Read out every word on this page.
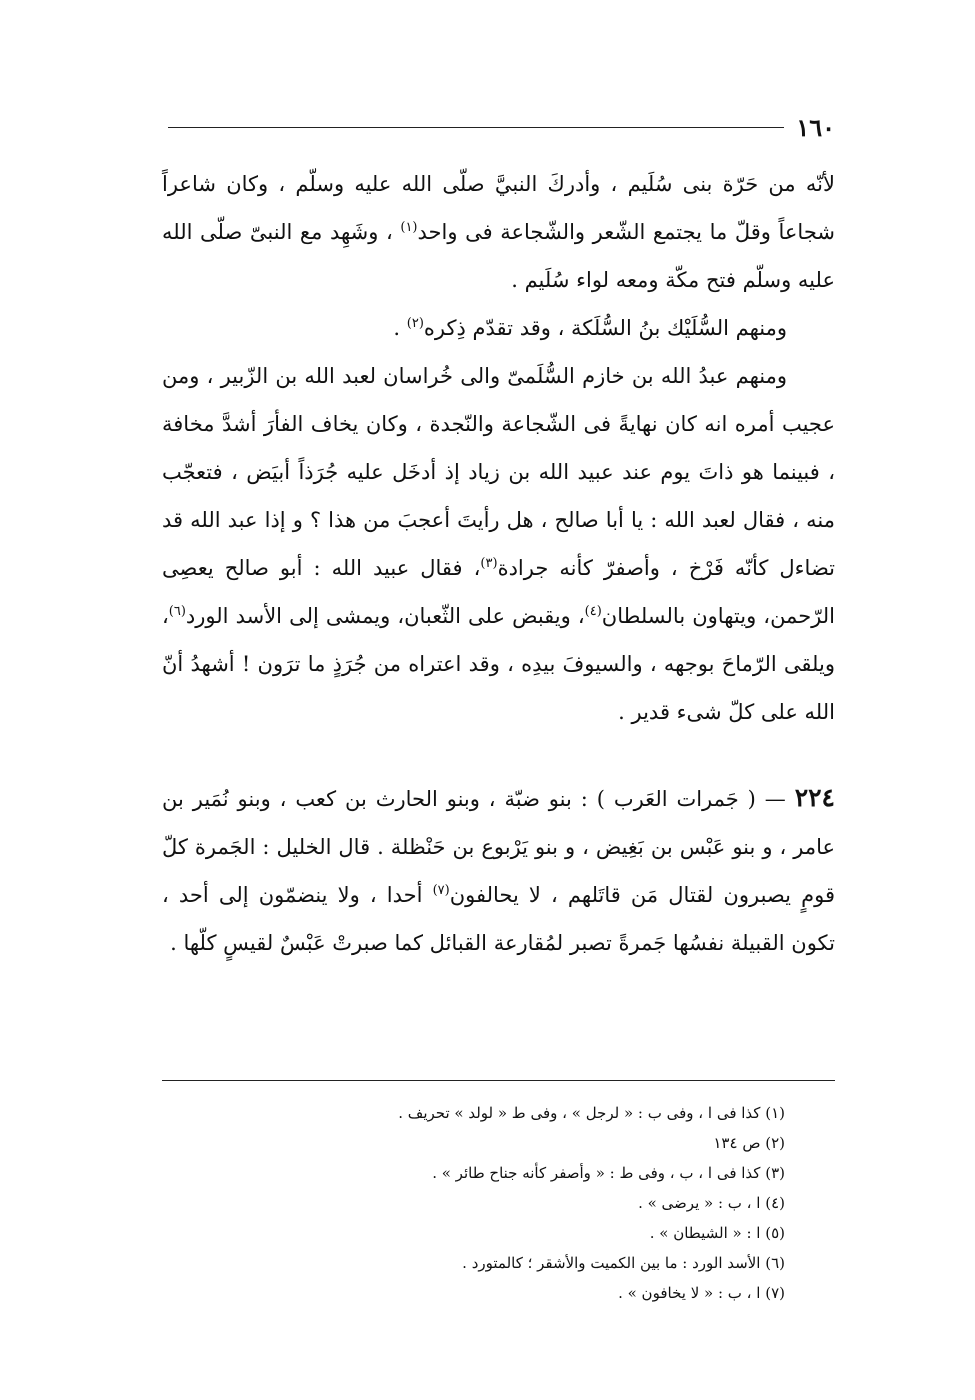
١٦٠

لأنّه من حَرّة بنى سُلَيم ، وأدركَ النبيَّ صلّى الله عليه وسلّم ، وكان شاعراً شجاعاً وقلّ ما يجتمع الشّعر والشّجاعة فى واحد$^{(١)}$ ، وشَهِد مع النبىّ صلّى الله عليه وسلّم فتح مكّة ومعه لواء سُلَيم .

ومنهم السُّلَيْك بنُ السُّلَكة ، وقد تقدّم ذِكره$^{(٢)}$ .

ومنهم عبدُ الله بن خازم السُّلَمىّ والى خُراسان لعبد الله بن الزّبير ، ومن عجيب أمره انه كان نهايةً فى الشّجاعة والنّجدة ، وكان يخاف الفأرَ أشدَّ مخافة ، فبينما هو ذاتَ يوم عند عبيد الله بن زياد إذ أدخَل عليه جُرَذاً أبيَض ، فتعجّب منه ، فقال لعبد الله : يا أبا صالح ، هل رأيتَ أعجبَ من هذا ؟ و إذا عبد الله قد تضاءل كأنّه فَرْخ ، وأصفرّ كأنه جرادة$^{(٣)}$، فقال عبيد الله : أبو صالح يعصِى الرّحمن، ويتهاون بالسلطان$^{(٤)}$، ويقبض على الثّعبان، ويمشى إلى الأسد الورد$^{(٦)}$، ويلقى الرّماحَ بوجهه ، والسيوفَ بيدِه ، وقد اعتراه من جُرَذٍ ما ترَون ! أشهدُ أنّ الله على كلّ شىء قدير .

٢٢٤ — ( جَمرات العَرب ) : بنو ضبّة ، وبنو الحارث بن كعب ، وبنو نُمَير بن عامر ، و بنو عَبْس بن بَغِيض ، و بنو يَرْبوع بن حَنْظلة . قال الخليل : الجَمرة كلّ قومٍ يصبرون لقتال مَن قاتَلهم ، لا يحالفون$^{(٧)}$ أحدا ، ولا ينضمّون إلى أحد ، تكون القبيلة نفسُها جَمرةً تصبر لمُقارعة القبائل كما صبرتْ عَبْسٌ لقيسٍ كلّها .

(١) كذا فى ا ، وفى ب : « لرجل » ، وفى ط « لولد » تحريف .
(٢) ص ١٣٤
(٣) كذا فى ا ، ب ، وفى ط : « وأصفر كأنه جناح طائر » .
(٤) ا ، ب : « يرضى » .
(٥) ا : « الشيطان » .
(٦) الأسد الورد : ما بين الكميت والأشقر ؛ كالمتورد .
(٧) ا ، ب : « لا يخافون » .
